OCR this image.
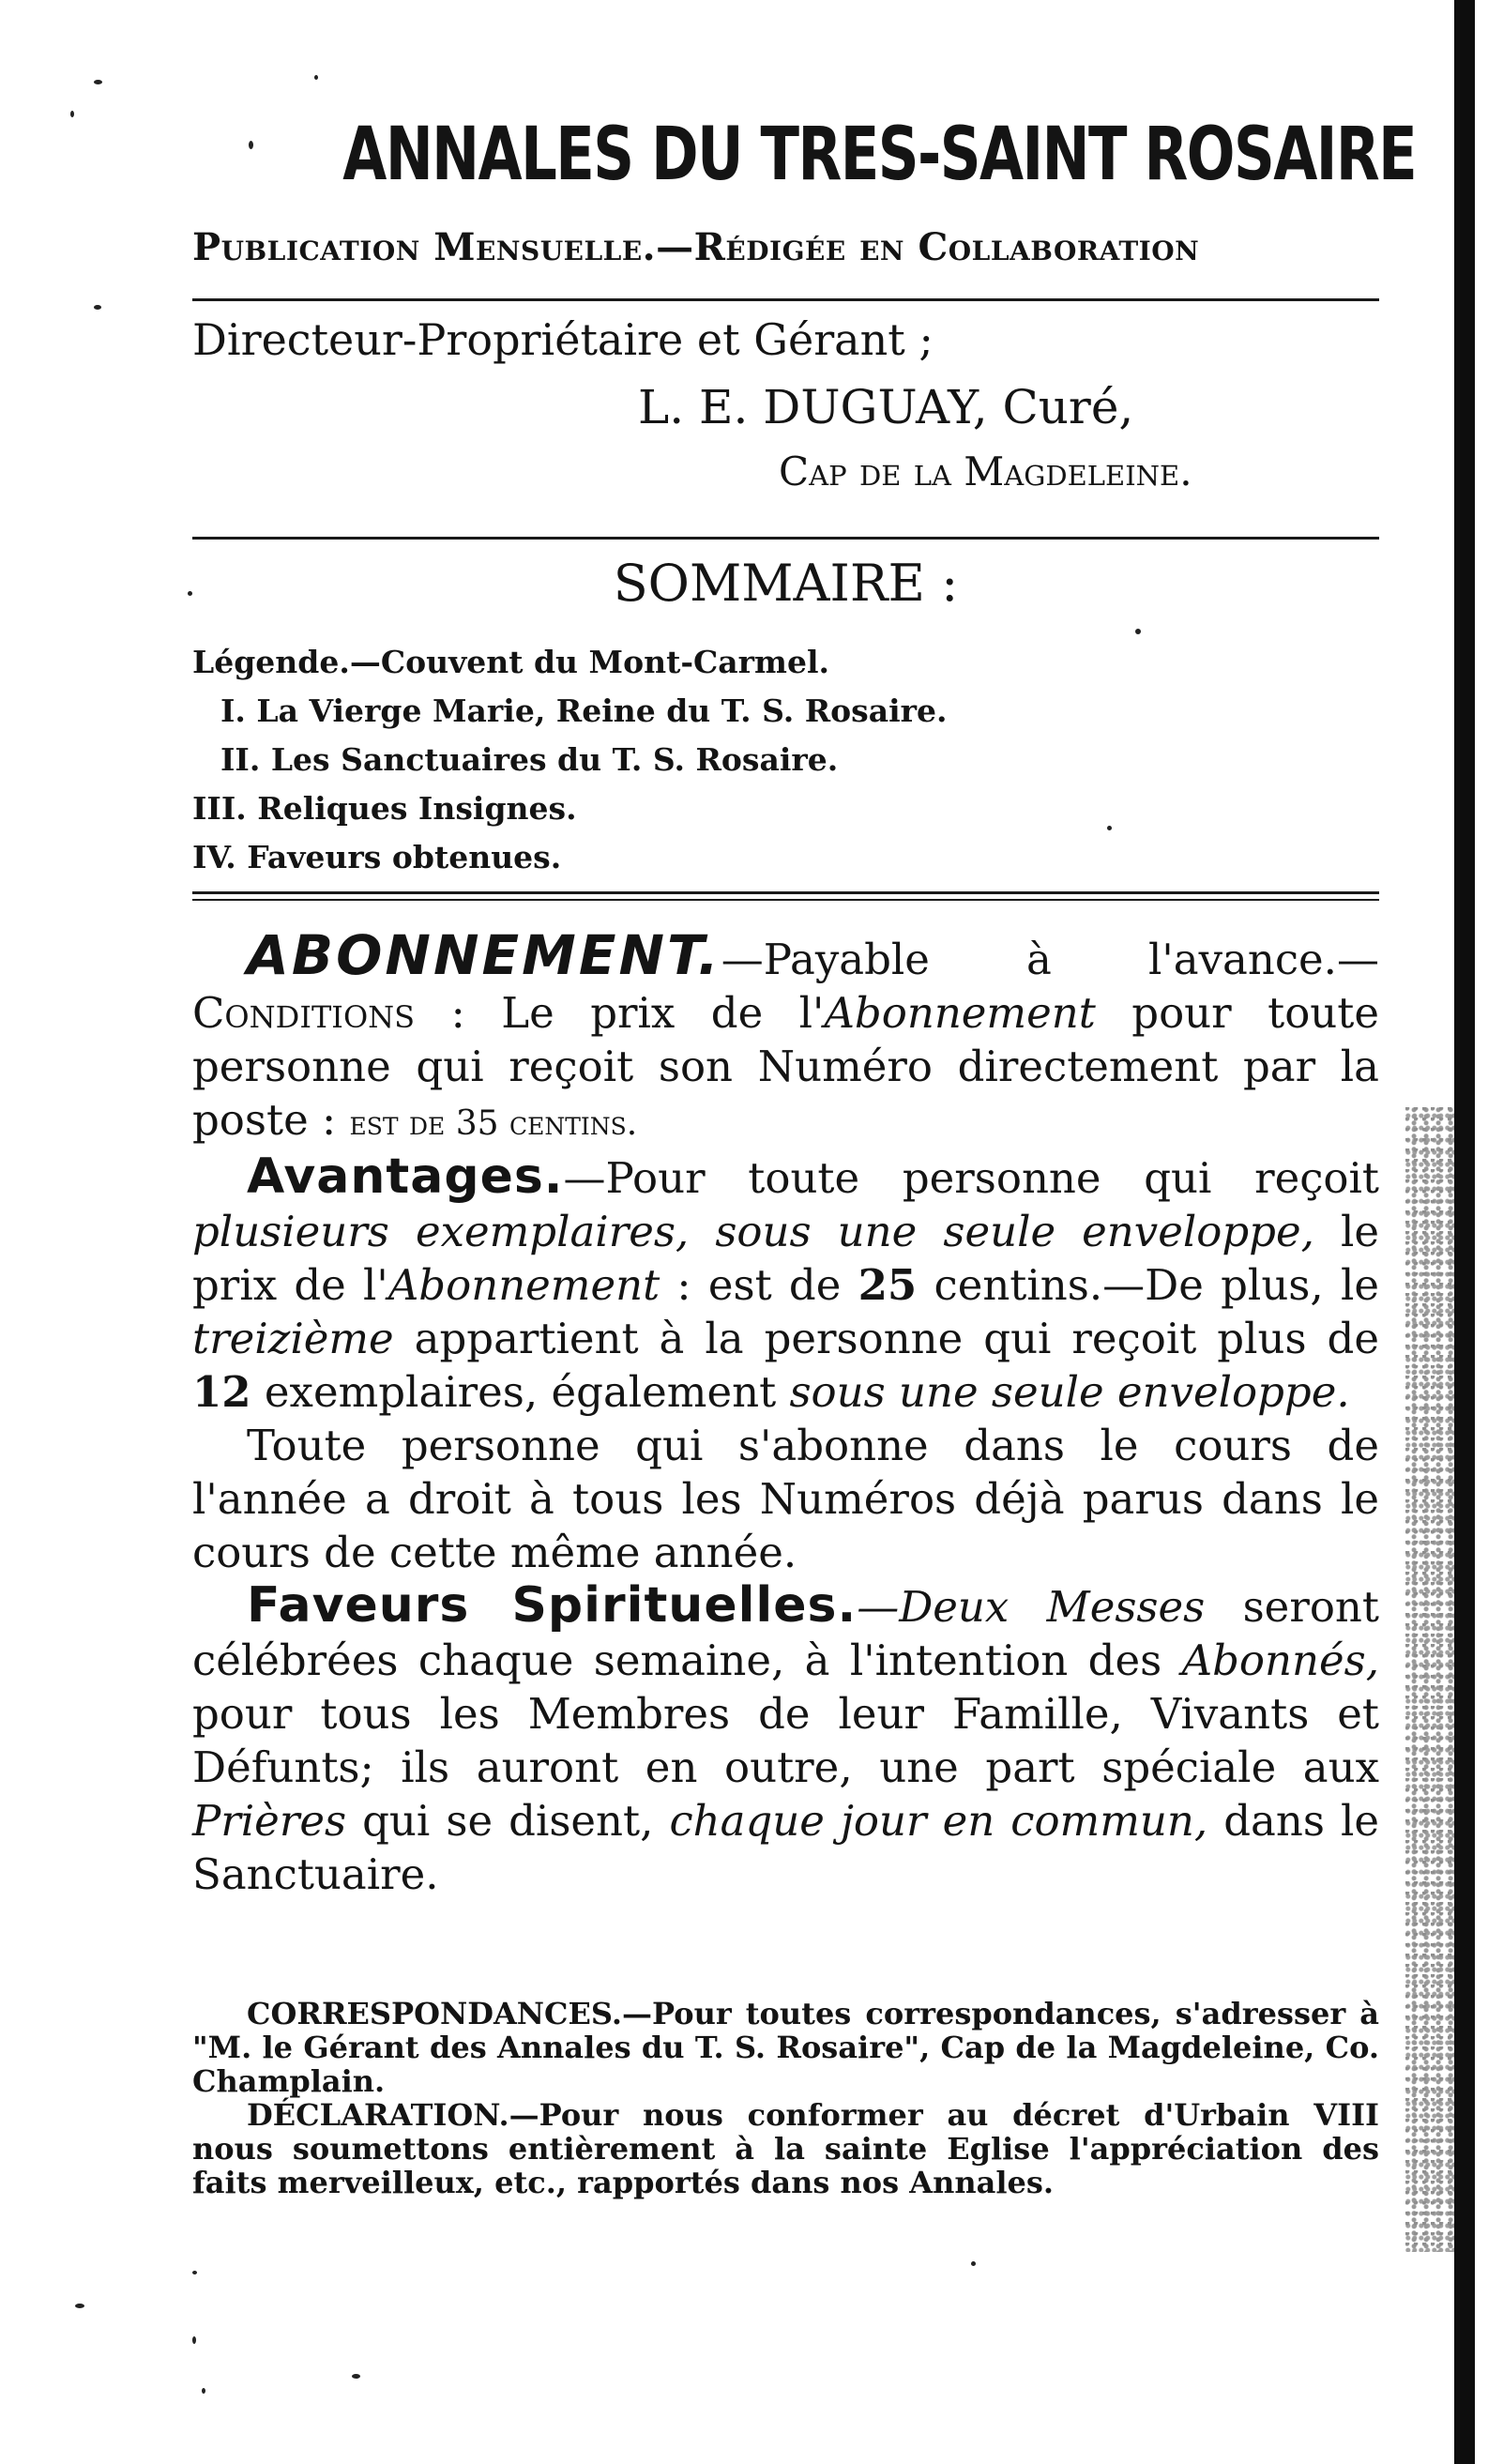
ANNALES DU TRES-SAINT ROSAIRE
Publication Mensuelle.—Rédigée en Collaboration
Directeur-Propriétaire et Gérant ;
L. E. DUGUAY, Curé,
Cap de la Magdeleine.
SOMMAIRE :
Légende.—Couvent du Mont-Carmel.
I. La Vierge Marie, Reine du T. S. Rosaire.
II. Les Sanctuaires du T. S. Rosaire.
III. Reliques Insignes.
IV. Faveurs obtenues.

ABONNEMENT.—Payable à l'avance.—Conditions : Le prix de l'Abonnement pour toute personne qui reçoit son Numéro directement par la poste : est de 35 centins.

Avantages.—Pour toute personne qui reçoit plusieurs exemplaires, sous une seule enveloppe, le prix de l'Abonnement : est de 25 centins.—De plus, le treizième appartient à la personne qui reçoit plus de 12 exemplaires, également sous une seule enveloppe.

Toute personne qui s'abonne dans le cours de l'année a droit à tous les Numéros déjà parus dans le cours de cette même année.

Faveurs Spirituelles.—Deux Messes seront célébrées chaque semaine, à l'intention des Abonnés, pour tous les Membres de leur Famille, Vivants et Défunts; ils auront en outre, une part spéciale aux Prières qui se disent, chaque jour en commun, dans le Sanctuaire.

CORRESPONDANCES.—Pour toutes correspondances, s'adresser à "M. le Gérant des Annales du T. S. Rosaire", Cap de la Magdeleine, Co. Champlain.

DÉCLARATION.—Pour nous conformer au décret d'Urbain VIII nous soumettons entièrement à la sainte Eglise l'appréciation des faits merveilleux, etc., rapportés dans nos Annales.
